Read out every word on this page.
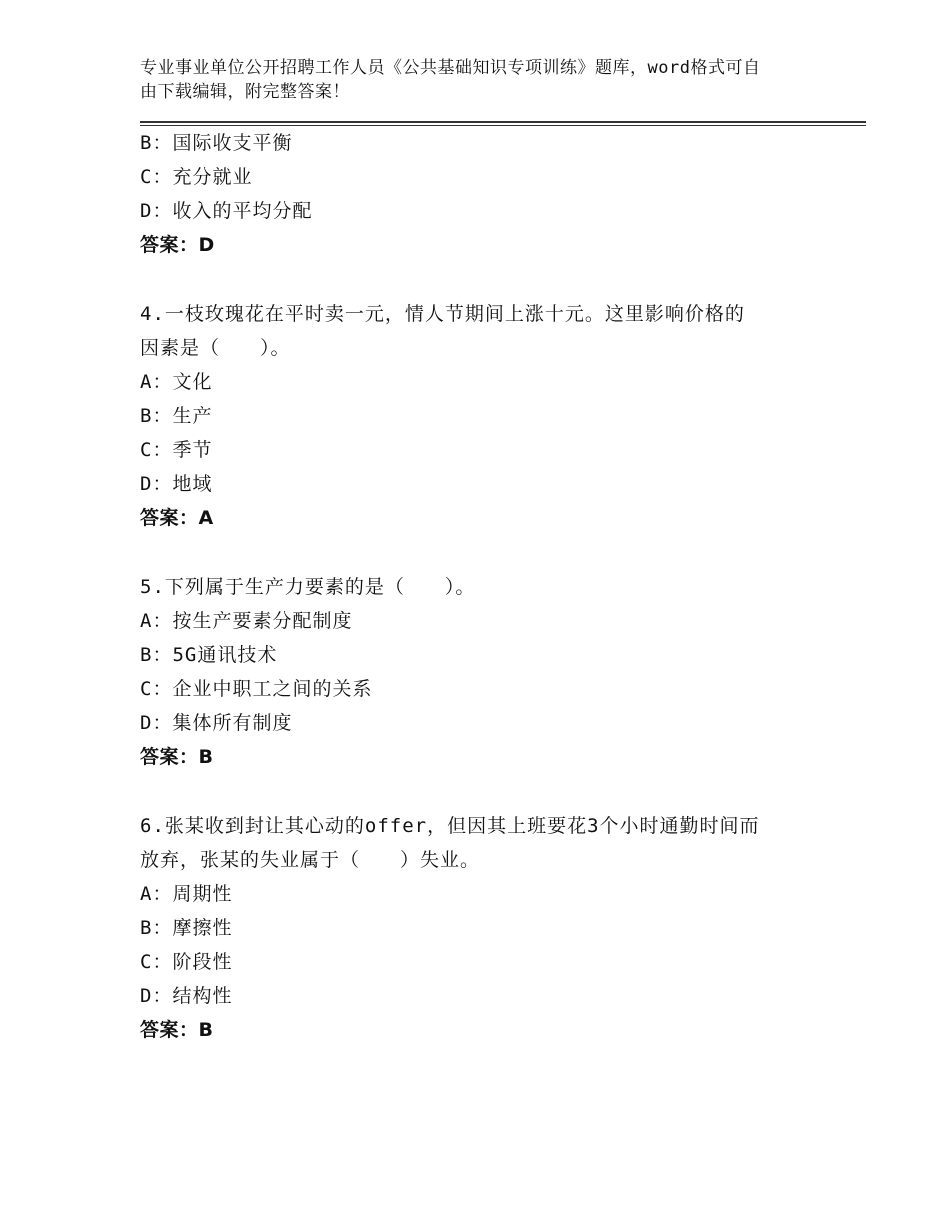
专业事业单位公开招聘工作人员《公共基础知识专项训练》题库，word格式可自
由下载编辑，附完整答案！
B：国际收支平衡
C：充分就业
D：收入的平均分配
答案：D
4.一枝玫瑰花在平时卖一元，情人节期间上涨十元。这里影响价格的
因素是（　　）。
A：文化
B：生产
C：季节
D：地域
答案：A
5.下列属于生产力要素的是（　　）。
A：按生产要素分配制度
B：5G通讯技术
C：企业中职工之间的关系
D：集体所有制度
答案：B
6.张某收到封让其心动的offer，但因其上班要花3个小时通勤时间而
放弃，张某的失业属于（　　）失业。
A：周期性
B：摩擦性
C：阶段性
D：结构性
答案：B
